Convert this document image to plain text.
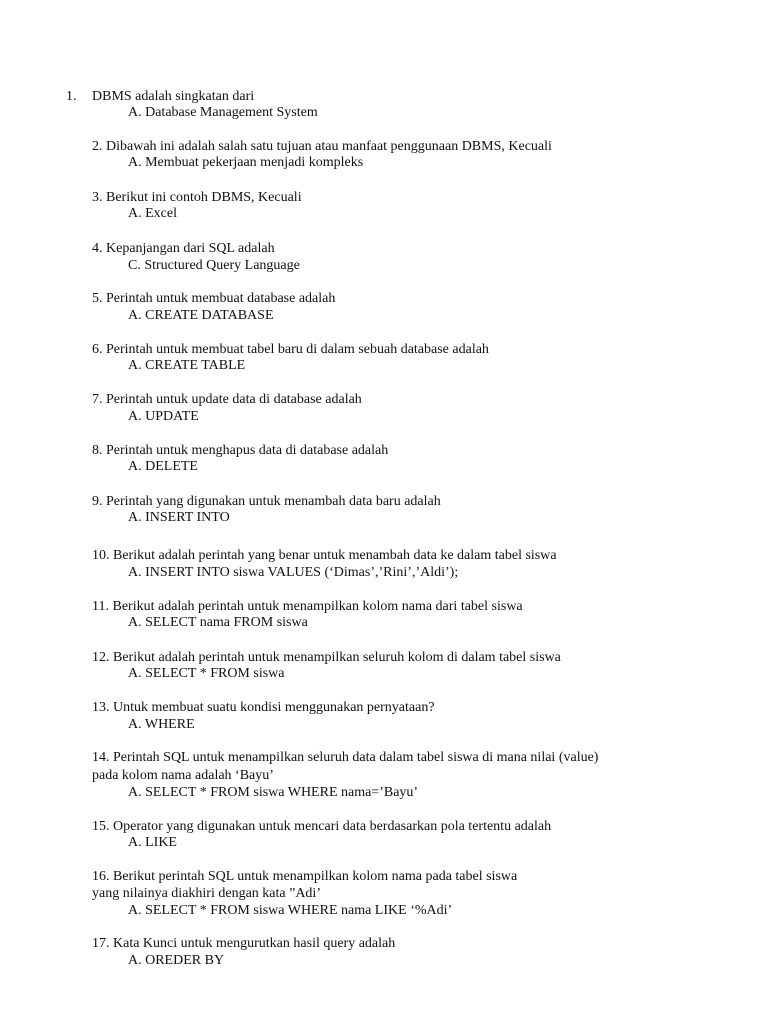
1. DBMS adalah singkatan dari
A. Database Management System
2. Dibawah ini adalah salah satu tujuan atau manfaat penggunaan DBMS, Kecuali
A. Membuat pekerjaan menjadi kompleks
3. Berikut ini contoh DBMS, Kecuali
A. Excel
4. Kepanjangan dari SQL adalah
C. Structured Query Language
5. Perintah untuk membuat database adalah
A. CREATE DATABASE
6. Perintah untuk membuat tabel baru di dalam sebuah database adalah
A. CREATE TABLE
7. Perintah untuk update data di database adalah
A. UPDATE
8. Perintah untuk menghapus data di database adalah
A. DELETE
9. Perintah yang digunakan untuk menambah data baru adalah
A. INSERT INTO
10. Berikut adalah perintah yang benar untuk menambah data ke dalam tabel siswa
A. INSERT INTO siswa VALUES (‘Dimas’,’Rini’,’Aldi’);
11. Berikut adalah perintah untuk menampilkan kolom nama dari tabel siswa
A. SELECT nama FROM siswa
12. Berikut adalah perintah untuk menampilkan seluruh kolom di dalam tabel siswa
A. SELECT * FROM siswa
13. Untuk membuat suatu kondisi menggunakan pernyataan?
A. WHERE
14. Perintah SQL untuk menampilkan seluruh data dalam tabel siswa di mana nilai (value)
pada kolom nama adalah ‘Bayu’
A. SELECT * FROM siswa WHERE nama=’Bayu’
15. Operator yang digunakan untuk mencari data berdasarkan pola tertentu adalah
A. LIKE
16. Berikut perintah SQL untuk menampilkan kolom nama pada tabel siswa
yang nilainya diakhiri dengan kata ”Adi’
A. SELECT * FROM siswa WHERE nama LIKE ‘%Adi’
17. Kata Kunci untuk mengurutkan hasil query adalah
A. OREDER BY
